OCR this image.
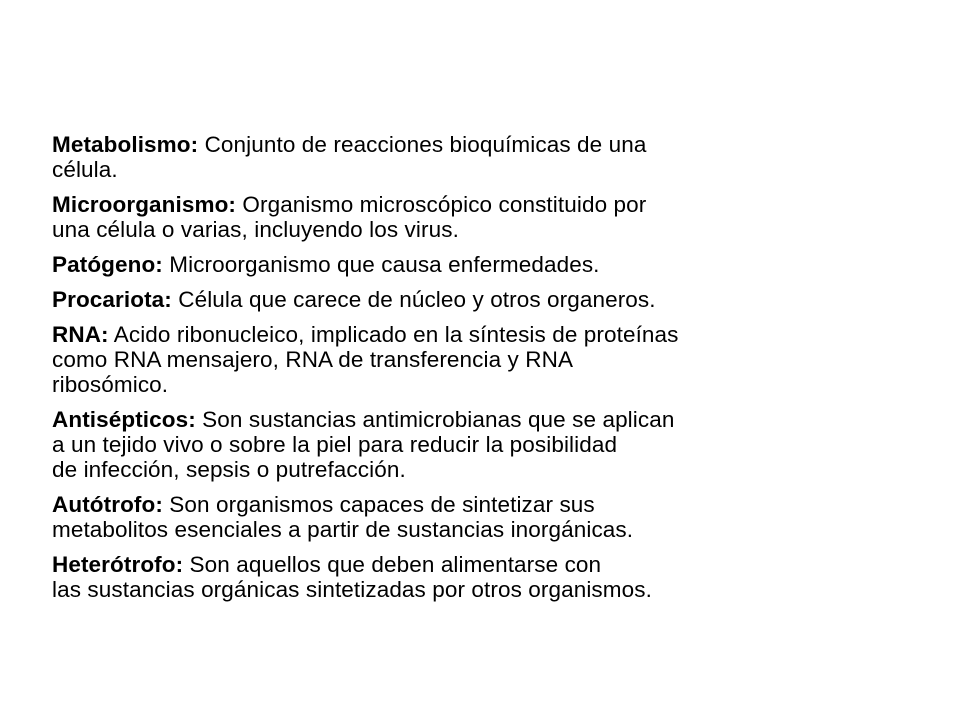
Metabolismo: Conjunto de reacciones bioquímicas de una
célula.
Microorganismo: Organismo microscópico constituido por
una célula o varias, incluyendo los virus.
Patógeno: Microorganismo que causa enfermedades.
Procariota: Célula que carece de núcleo y otros organeros.
RNA: Acido ribonucleico, implicado en la síntesis de proteínas
como RNA mensajero, RNA de transferencia y RNA
ribosómico.
Antisépticos: Son sustancias antimicrobianas que se aplican
a un tejido vivo o sobre la piel para reducir la posibilidad
de infección, sepsis o putrefacción.
Autótrofo: Son organismos capaces de sintetizar sus
metabolitos esenciales a partir de sustancias inorgánicas.
Heterótrofo: Son aquellos que deben alimentarse con
las sustancias orgánicas sintetizadas por otros organismos.
